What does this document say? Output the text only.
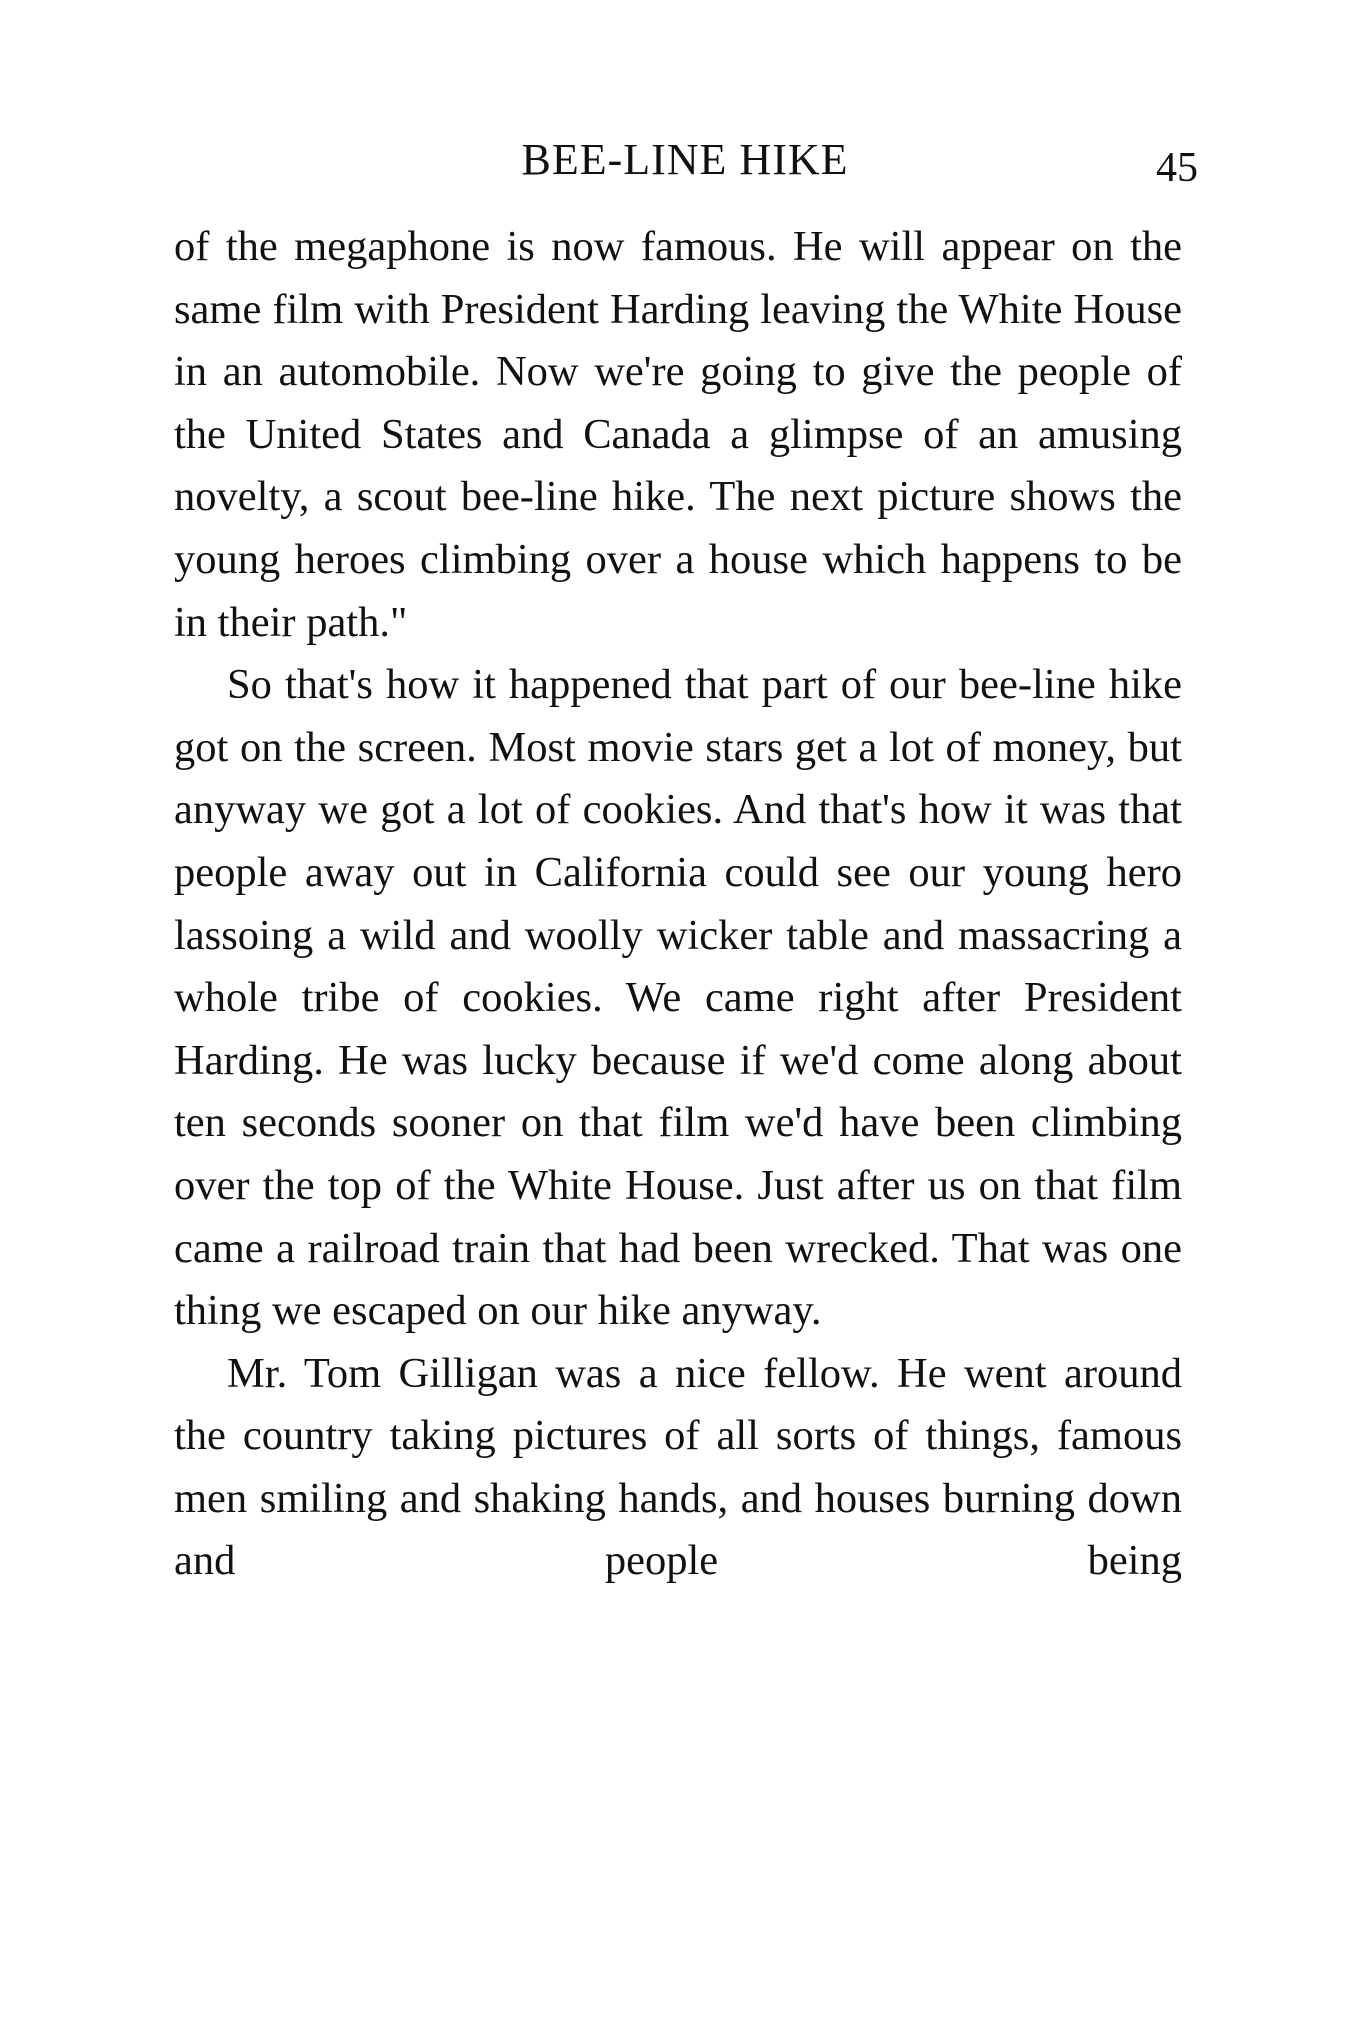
BEE-LINE HIKE	45

of the megaphone is now famous. He will appear on the same film with President Harding leaving the White House in an automobile. Now we're going to give the people of the United States and Canada a glimpse of an amusing novelty, a scout bee-line hike. The next picture shows the young heroes climbing over a house which happens to be in their path."

So that's how it happened that part of our bee-line hike got on the screen. Most movie stars get a lot of money, but anyway we got a lot of cookies. And that's how it was that people away out in California could see our young hero lassoing a wild and woolly wicker table and massacring a whole tribe of cookies. We came right after President Harding. He was lucky because if we'd come along about ten seconds sooner on that film we'd have been climbing over the top of the White House. Just after us on that film came a railroad train that had been wrecked. That was one thing we escaped on our hike anyway.

Mr. Tom Gilligan was a nice fellow. He went around the country taking pictures of all sorts of things, famous men smiling and shaking hands, and houses burning down and people being
